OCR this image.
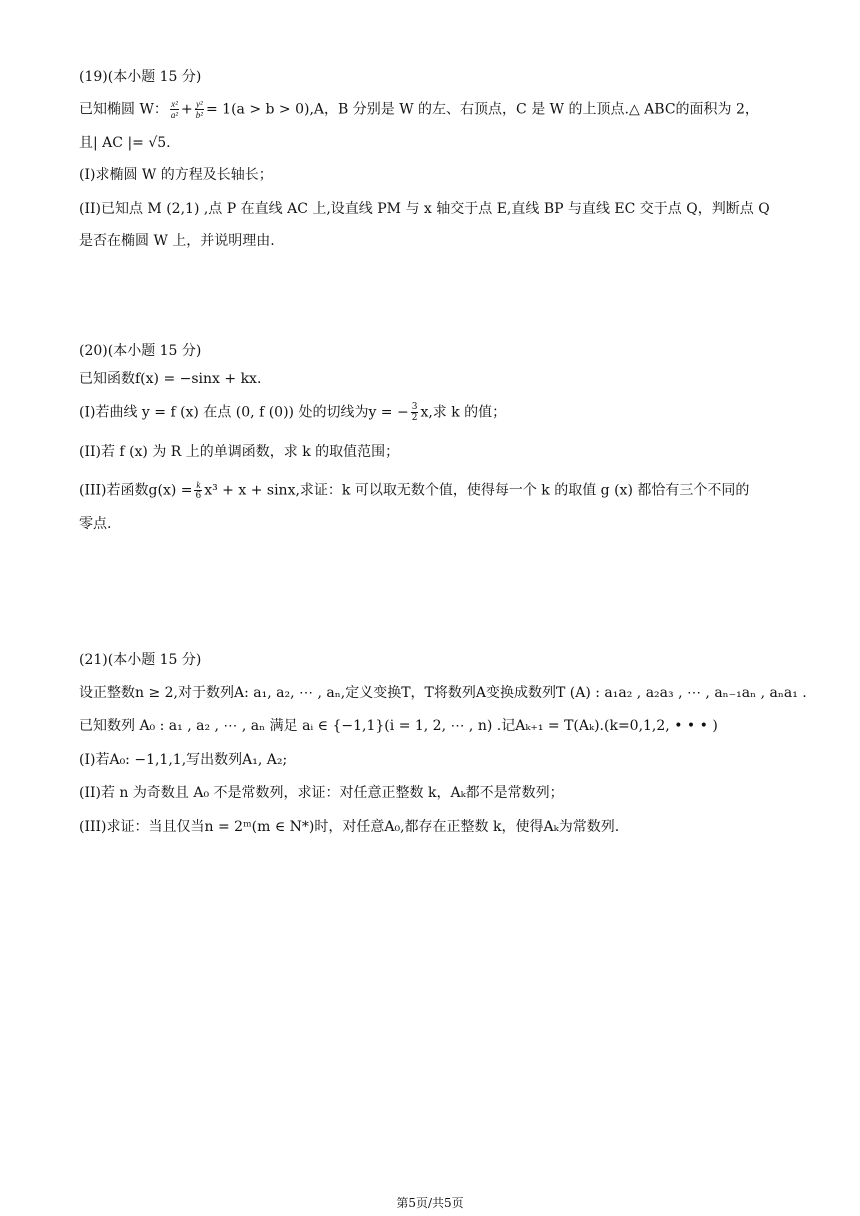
(19)(本小题 15 分)
已知椭圆 W： $\frac{\text{x²}}{\text{a²}} + \frac{\text{y²}}{\text{b²}} = 1(a > b > 0),A$，B 分别是 W 的左、右顶点，C 是 W 的上顶点.△ ABC的面积为 2，
且| AC |= √5.
(I)求椭圆 W 的方程及长轴长；
(II)已知点 M (2,1) ,点 P 在直线 AC 上,设直线 PM 与 x 轴交于点 E,直线 BP 与直线 EC 交于点 Q，判断点 Q
是否在椭圆 W 上，并说明理由.
(20)(本小题 15 分)
已知函数f(x) = −sinx + kx.
(I)若曲线 y = f (x) 在点 (0, f (0)) 处的切线为y = − $\frac{3}{2} x$,求 k 的值；
(II)若 f (x) 为 R 上的单调函数，求 k 的取值范围；
(III)若函数$g(x) = \frac{k}{6} x^3 + x + \sin x$,求证：k 可以取无数个值，使得每一个 k 的取值 g (x) 都恰有三个不同的
零点.
(21)(本小题 15 分)
设正整数n ≥ 2,对于数列A: a₁, a₂, ⋯ , aₙ,定义变换T，T将数列A变换成数列T (A) : a₁a₂ , a₂a₃ , ⋯ , aₙ₋₁aₙ , aₙa₁ .
已知数列 A₀ : a₁ , a₂ , ⋯ , aₙ 满足 aᵢ ∈ {−1,1}(i = 1, 2, ⋯ , n) .记Aₖ₊₁ = T(Aₖ).(k=0,1,2, • • • )
(I)若A₀: −1,1,1,写出数列A₁, A₂;
(II)若 n 为奇数且 A₀ 不是常数列，求证：对任意正整数 k，Aₖ都不是常数列；
(III)求证：当且仅当n = 2ᵐ(m ∈ N*)时，对任意A₀,都存在正整数 k，使得Aₖ为常数列.
第5页/共5页
